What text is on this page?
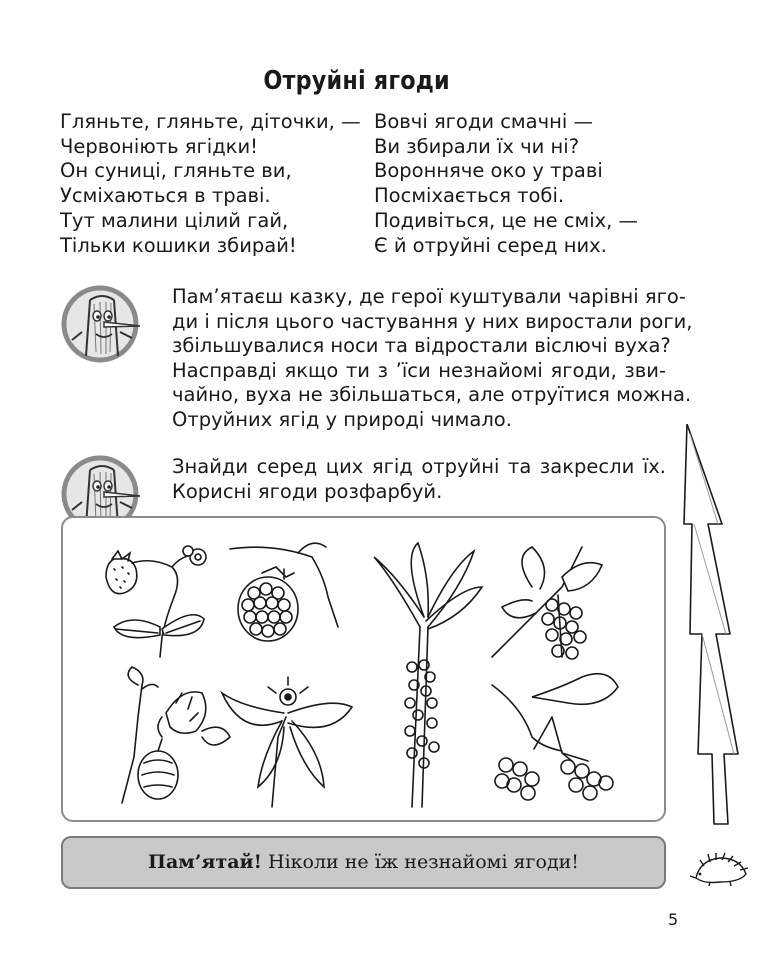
Отруйні ягоди
Гляньте, гляньте, діточки, —
Червоніють ягідки!
Он суниці, гляньте ви,
Усміхаються в траві.
Тут малини цілий гай,
Тільки кошики збирай!
Вовчі ягоди смачні —
Ви збирали їх чи ні?
Воронняче око у траві
Посміхається тобі.
Подивіться, це не сміх, —
Є й отруйні серед них.
Пам’ятаєш казку, де герої куштували чарівні яго-
ди і після цього частування у них виростали роги,
збільшувалися носи та відростали віслючі вуха?
Насправді якщо ти з ’їси незнайомі ягоди, зви-
чайно, вуха не збільшаться, але отруїтися можна.
Отруйних ягід у природі чимало.
Знайди серед цих ягід отруйні та закресли їх.
Корисні ягоди розфарбуй.
Пам’ятай! Ніколи не їж незнайомі ягоди!
5
